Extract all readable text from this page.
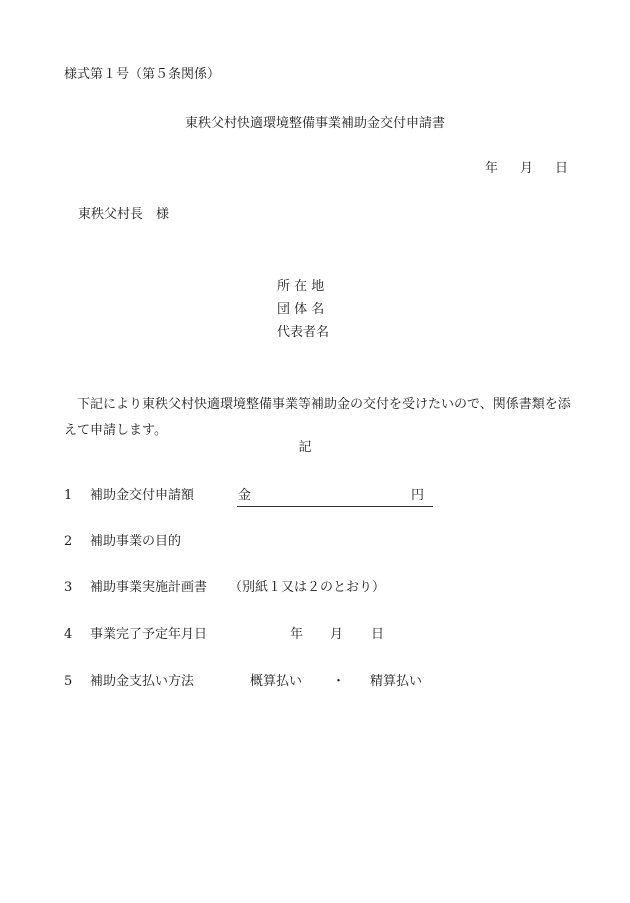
様式第１号（第５条関係）
東秩父村快適環境整備事業補助金交付申請書
年 月 日
東秩父村長　様
所 在 地
団 体 名
代表者名
下記により東秩父村快適環境整備事業等補助金の交付を受けたいので、関係書類を添えて申請します。
記
1 補助金交付申請額	金	円
2 補助事業の目的
3 補助事業実施計画書 （別紙１又は２のとおり）
4 事業完了予定年月日	年 月 日
5 補助金支払い方法	概算払い ・ 精算払い
